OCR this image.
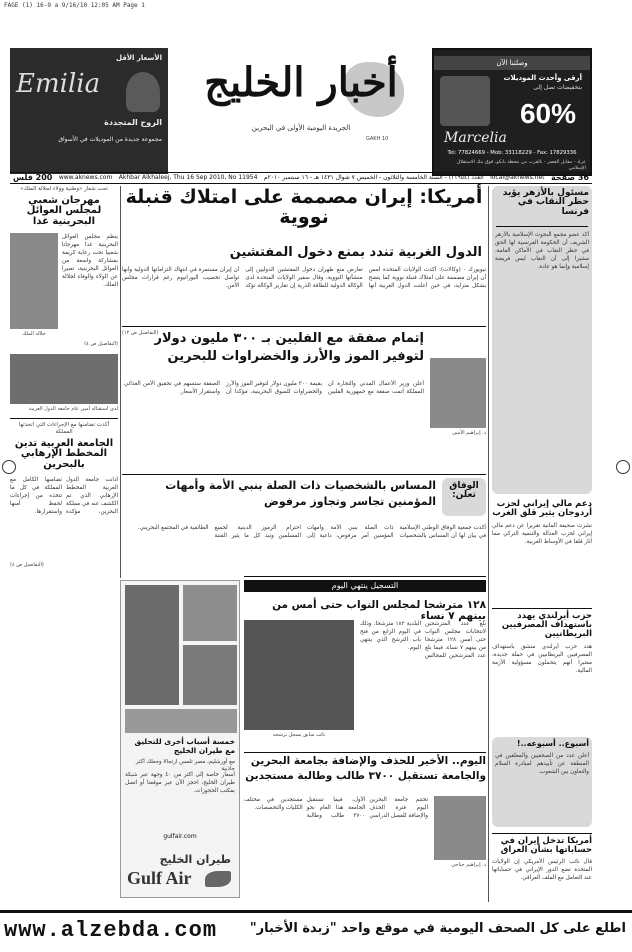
FAGE (1) 16-9 a 9/16/10 12:05 AM Page 1
Emilia
الأسعار الأقل
الروح المتجددة
مجموعة جديدة من الموديلات في الأسواق
أخبار الخليج
الجريدة اليومية الأولى في البحرين
GAKH 10
وصلتنا الآن
أرقى وأحدث الموديلات
بتخفيضات تصل إلى
60%
Marcelia
Tel: 77824669 - Mob: 33118229 - Fax: 17829336
عراد - مقابل القصر - بالقرب من محطة بابكو، فوق بنك الاستقلال الإسلامي
36 صفحة
local@aknews.net
العدد (١١٩٥٤) - السنة الخامسة والثلاثون - الخميس ٧ شوال ١٤٣١ هـ - ١٦ سبتمبر ٢٠١٠م
Akhbar Alkhaleej, Thu 16 Sep 2010, No 11954
www.aknews.com
200 فلس
مسئول بالأزهر يؤيد حظر النقاب في فرنسا
أكد عضو مجمع البحوث الإسلامية بالأزهر الشريف أن الحكومة الفرنسية لها الحق في حظر النقاب في الأماكن العامة، مشيرا إلى أن النقاب ليس فريضة إسلامية وإنما هو عادة.
دعم مالي إيراني لحزب أردوجان يثير قلق الغرب
نشرت صحيفة ألمانية تقريرا عن دعم مالي إيراني لحزب العدالة والتنمية التركي مما أثار قلقا في الأوساط الغربية.
حزب أيرلندي يهدد باستهداف المصرفيين البريطانيين
هدد حزب أيرلندي منشق باستهداف المصرفيين البريطانيين في حملة جديدة، معتبرا أنهم يتحملون مسؤولية الأزمة المالية.
أسبوع.. أسبوعه..!
أعلن عدد من الصحفيين والمعلقين في المنطقة عن تأييدهم لمبادرة السلام والتعاون بين الشعوب.
أمريكا تدخل إيران في حساباتها بشأن العراق
قال نائب الرئيس الأمريكي إن الولايات المتحدة تضع الدور الإيراني في حساباتها عند التعامل مع الملف العراقي.
أمريكا: إيران مصممة على امتلاك قنبلة نووية
الدول الغربية تندد بمنع دخول المفتشين
نيويورك - (وكالات): أكدت الولايات المتحدة أمس أن إيران مصممة على امتلاك قنبلة نووية كما يتضح بشكل متزايد، في حين أعلنت الدول الغربية أنها تعارض منع طهران دخول المفتشين الدوليين إلى منشآتها النووية، وقال سفير الولايات المتحدة لدى الوكالة الدولية للطاقة الذرية إن تقارير الوكالة تؤكد أن إيران مستمرة في انتهاك التزاماتها الدولية وأنها تواصل تخصيب اليورانيوم رغم قرارات مجلس الأمن.
(التفاصيل ص ١٢)
د. إبراهيم الأمين
إتمام صفقة مع الفلبين بـ ٣٠٠ مليون دولار
لتوفير الموز والأرز والخضراوات للبحرين
أعلن وزير الأعمال المدني والتجارة أن المملكة أتمت صفقة مع جمهورية الفلبين بقيمة ٣٠٠ مليون دولار لتوفير الموز والأرز والخضراوات للسوق البحرينية، مؤكدا أن الصفقة ستسهم في تحقيق الأمن الغذائي واستقرار الأسعار.
الوفاق تعلن:
المساس بالشخصيات ذات الصلة بنبي الأمة وأمهات المؤمنين تجاسر وتجاوز مرفوض
أكدت جمعية الوفاق الوطني الإسلامية في بيان لها أن المساس بالشخصيات ذات الصلة بنبي الأمة وأمهات المؤمنين أمر مرفوض، داعية إلى احترام الرموز الدينية لجميع المسلمين ونبذ كل ما يثير الفتنة الطائفية في المجتمع البحريني.
التسجيل ينتهي اليوم
١٢٨ مترشحا لمجلس النواب حتى أمس من بينهم ٧ نساء
نائب سابق يسجل ترشحه
بلغ عدد المترشحين لانتخابات مجلس النواب حتى أمس ١٢٨ مترشحا من بينهم ٧ نساء، فيما بلغ عدد المترشحين للمجالس البلدية ١٨٢ مترشحا، وذلك في اليوم الرابع من فتح باب الترشح الذي ينتهي اليوم.
اليوم.. الأخير للحذف والإضافة بجامعة البحرين
والجامعة تستقبل ٣٧٠٠ طالب وطالبة مستجدين
د. إبراهيم جناحي
تختتم جامعة البحرين اليوم فترة الحذف والإضافة للفصل الدراسي الأول، فيما تستقبل الجامعة هذا العام نحو ٣٧٠٠ طالب وطالبة مستجدين في مختلف الكليات والتخصصات.
خمسة أسباب أخرى للتحليق مع طيران الخليج
مع أورشليم، مصر تلمس ارتجالا وجعلك أكثر جاذبية
أسعار خاصة إلى أكثر من ٤٠ وجهة عبر شبكة طيران الخليج، احجز الآن عبر موقعنا أو اتصل بمكتب الحجوزات.
gulfair.com
طيران الخليج
Gulf Air
تحت شعار «وطنية وولاء لجلالة الملك»
مهرجان شعبي لمجلس العوائل البحرينية غدا
جلالة الملك
ينظم مجلس العوائل البحرينية غدا مهرجانا شعبيا تحت رعاية كريمة بمشاركة واسعة من العوائل البحرينية، تعبيرا عن الولاء والوفاء لجلالة الملك.
(التفاصيل ص ٤)
لدى استقباله أمين عام جامعة الدول العربية
أكدت تضامنها مع الإجراءات التي اتخذتها المملكة
الجامعة العربية تدين المخطط الإرهابي بالبحرين
أدانت جامعة الدول العربية المخطط الإرهابي الذي تم الكشف عنه في مملكة البحرين، مؤكدة تضامنها الكامل مع المملكة في كل ما تتخذه من إجراءات لحفظ أمنها واستقرارها.
(التفاصيل ص ٤)
www.alzebda.com	اطلع على كل الصحف اليومية في موقع واحد "زبدة الأخبار"
